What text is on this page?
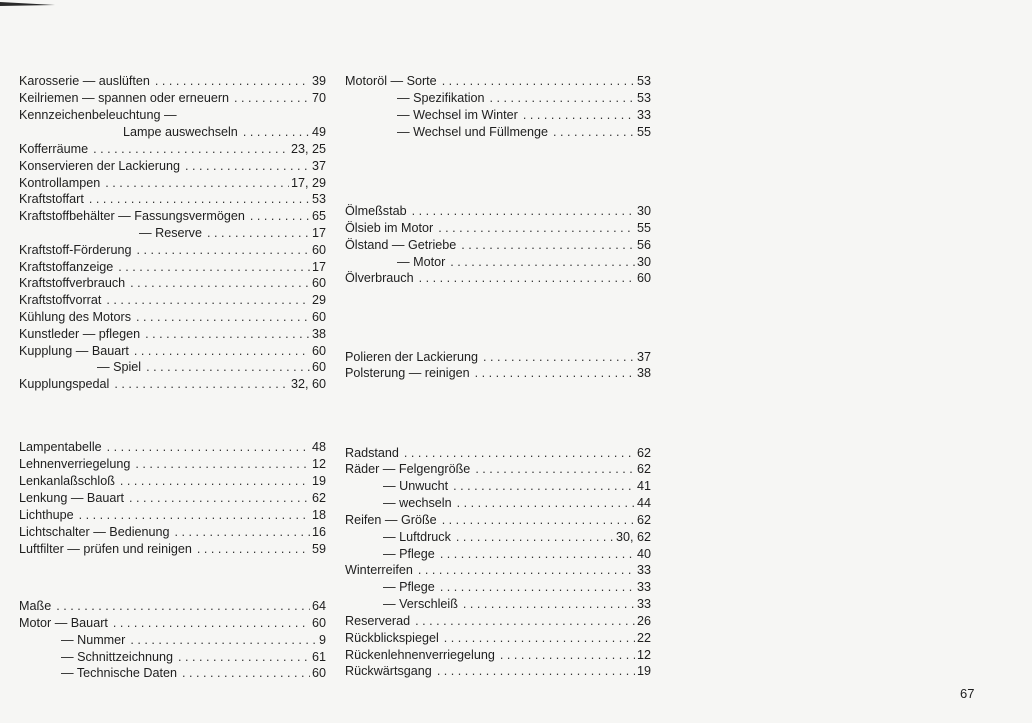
Karosserie — auslüften . . .	39
Keilriemen — spannen oder erneuern . . .	70
Kennzeichenbeleuchtung —
Lampe auswechseln . . .	49
Kofferräume . . .	23, 25
Konservieren der Lackierung . . .	37
Kontrollampen . . .	17, 29
Kraftstoffart . . .	53
Kraftstoffbehälter — Fassungsvermögen . . .	65
— Reserve . . .	17
Kraftstoff-Förderung . . .	60
Kraftstoffanzeige . . .	17
Kraftstoffverbrauch . . .	60
Kraftstoffvorrat . . .	29
Kühlung des Motors . . .	60
Kunstleder — pflegen . . .	38
Kupplung — Bauart . . .	60
— Spiel . . .	60
Kupplungspedal . . .	32, 60
Lampentabelle . . .	48
Lehnenverriegelung . . .	12
Lenkanlaßschloß . . .	19
Lenkung — Bauart . . .	62
Lichthupe . . .	18
Lichtschalter — Bedienung . . .	16
Luftfilter — prüfen und reinigen . . .	59
Maße . . .	64
Motor — Bauart . . .	60
— Nummer . . .	9
— Schnittzeichnung . . .	61
— Technische Daten . . .	60
Motoröl — Sorte . . .	53
— Spezifikation . . .	53
— Wechsel im Winter . . .	33
— Wechsel und Füllmenge . . .	55
Ölmeßstab . . .	30
Ölsieb im Motor . . .	55
Ölstand — Getriebe . . .	56
— Motor . . .	30
Ölverbrauch . . .	60
Polieren der Lackierung . . .	37
Polsterung — reinigen . . .	38
Radstand . . .	62
Räder — Felgengröße . . .	62
— Unwucht . . .	41
— wechseln . . .	44
Reifen — Größe . . .	62
— Luftdruck . . .	30, 62
— Pflege . . .	40
Winterreifen . . .	33
— Pflege . . .	33
— Verschleiß . . .	33
Reserverad . . .	26
Rückblickspiegel . . .	22
Rückenlehnenverriegelung . . .	12
Rückwärtsgang . . .	19
67
